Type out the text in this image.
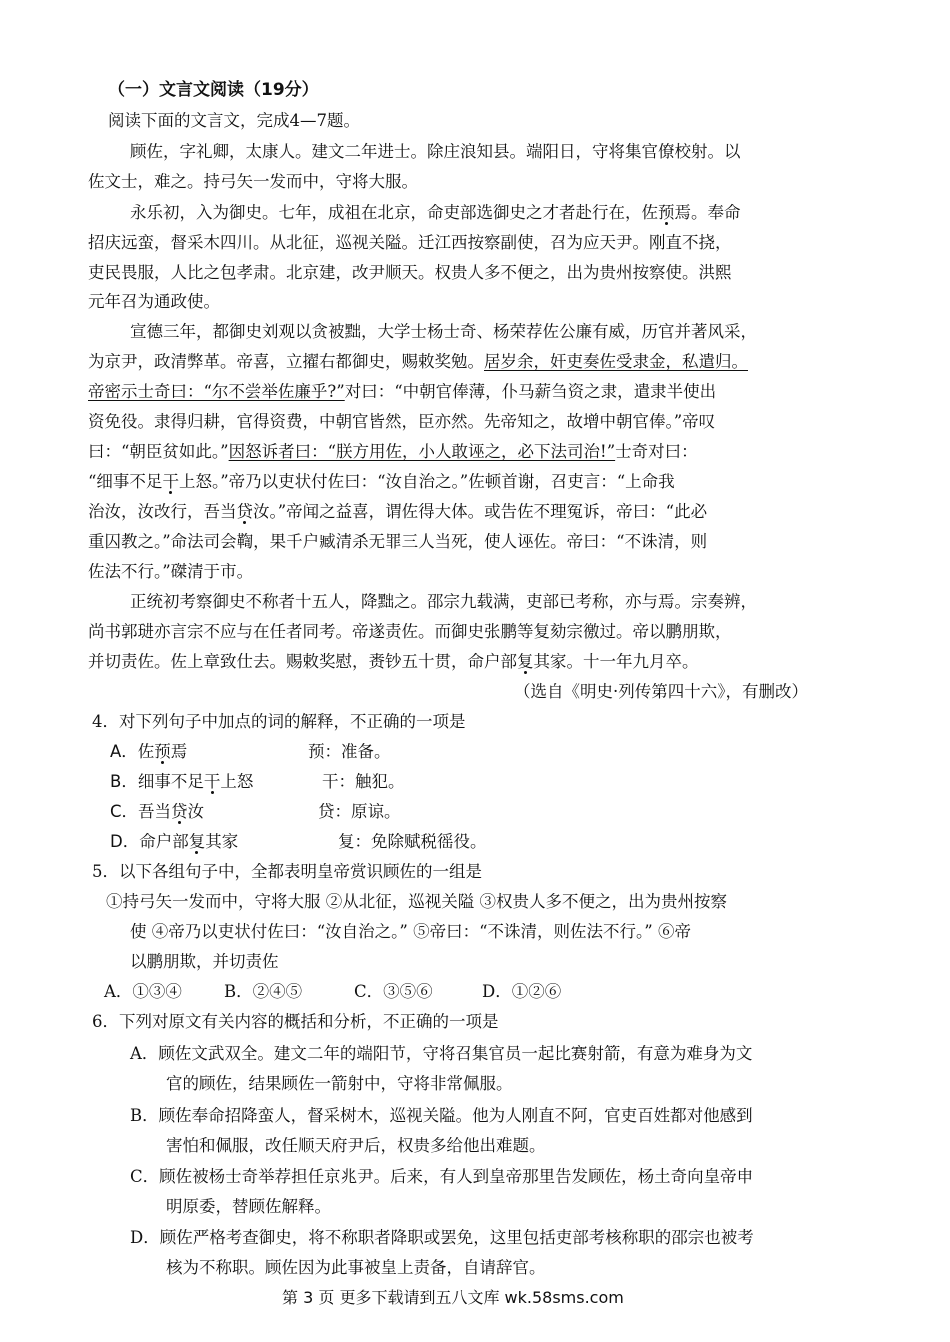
（一）文言文阅读（19分）
阅读下面的文言文，完成4—7题。
顾佐，字礼卿，太康人。建文二年进士。除庄浪知县。端阳日，守将集官僚校射。以
佐文士，难之。持弓矢一发而中，守将大服。
永乐初，入为御史。七年，成祖在北京，命吏部选御史之才者赴行在，佐预焉。奉命
招庆远蛮，督采木四川。从北征，巡视关隘。迁江西按察副使，召为应天尹。刚直不挠，
吏民畏服，人比之包孝肃。北京建，改尹顺天。权贵人多不便之，出为贵州按察使。洪熙
元年召为通政使。
宣德三年，都御史刘观以贪被黜，大学士杨士奇、杨荣荐佐公廉有威，历官并著风采，
为京尹，政清弊革。帝喜，立擢右都御史，赐敕奖勉。居岁余，奸吏奏佐受隶金，私遣归。
帝密示士奇曰：“尔不尝举佐廉乎?”对曰：“中朝官俸薄，仆马薪刍资之隶，遣隶半使出
资免役。隶得归耕，官得资费，中朝官皆然，臣亦然。先帝知之，故增中朝官俸。”帝叹
曰：“朝臣贫如此。”因怒诉者曰：“朕方用佐，小人敢诬之，必下法司治!”士奇对曰：
“细事不足干上怒。”帝乃以吏状付佐曰：“汝自治之。”佐顿首谢，召吏言：“上命我
治汝，汝改行，吾当贷汝。”帝闻之益喜，谓佐得大体。或告佐不理冤诉，帝曰：“此必
重囚教之。”命法司会鞫，果千户臧清杀无罪三人当死，使人诬佐。帝曰：“不诛清，则
佐法不行。”磔清于市。
正统初考察御史不称者十五人，降黜之。邵宗九载满，吏部已考称，亦与焉。宗奏辨，
尚书郭琎亦言宗不应与在任者同考。帝遂责佐。而御史张鹏等复劾宗徼过。帝以鹏朋欺，
并切责佐。佐上章致仕去。赐敕奖慰，赉钞五十贯，命户部复其家。十一年九月卒。
（选自《明史·列传第四十六》，有删改）
4．对下列句子中加点的词的解释，不正确的一项是
A．佐预焉	预：准备。
B．细事不足干上怒	干：触犯。
C．吾当贷汝	贷：原谅。
D．命户部复其家	复：免除赋税徭役。
5．以下各组句子中，全都表明皇帝赏识顾佐的一组是
①持弓矢一发而中，守将大服 ②从北征，巡视关隘 ③权贵人多不便之，出为贵州按察
使 ④帝乃以吏状付佐曰：“汝自治之。” ⑤帝曰：“不诛清，则佐法不行。” ⑥帝
以鹏朋欺，并切责佐
A．①③④	B．②④⑤	C．③⑤⑥	D．①②⑥
6．下列对原文有关内容的概括和分析，不正确的一项是
A．顾佐文武双全。建文二年的端阳节，守将召集官员一起比赛射箭，有意为难身为文
官的顾佐，结果顾佐一箭射中，守将非常佩服。
B．顾佐奉命招降蛮人，督采树木，巡视关隘。他为人刚直不阿，官吏百姓都对他感到
害怕和佩服，改任顺天府尹后，权贵多给他出难题。
C．顾佐被杨士奇举荐担任京兆尹。后来，有人到皇帝那里告发顾佐，杨土奇向皇帝申
明原委，替顾佐解释。
D．顾佐严格考查御史，将不称职者降职或罢免，这里包括吏部考核称职的邵宗也被考
核为不称职。顾佐因为此事被皇上责备，自请辞官。
第 3 页 更多下载请到五八文库 wk.58sms.com
